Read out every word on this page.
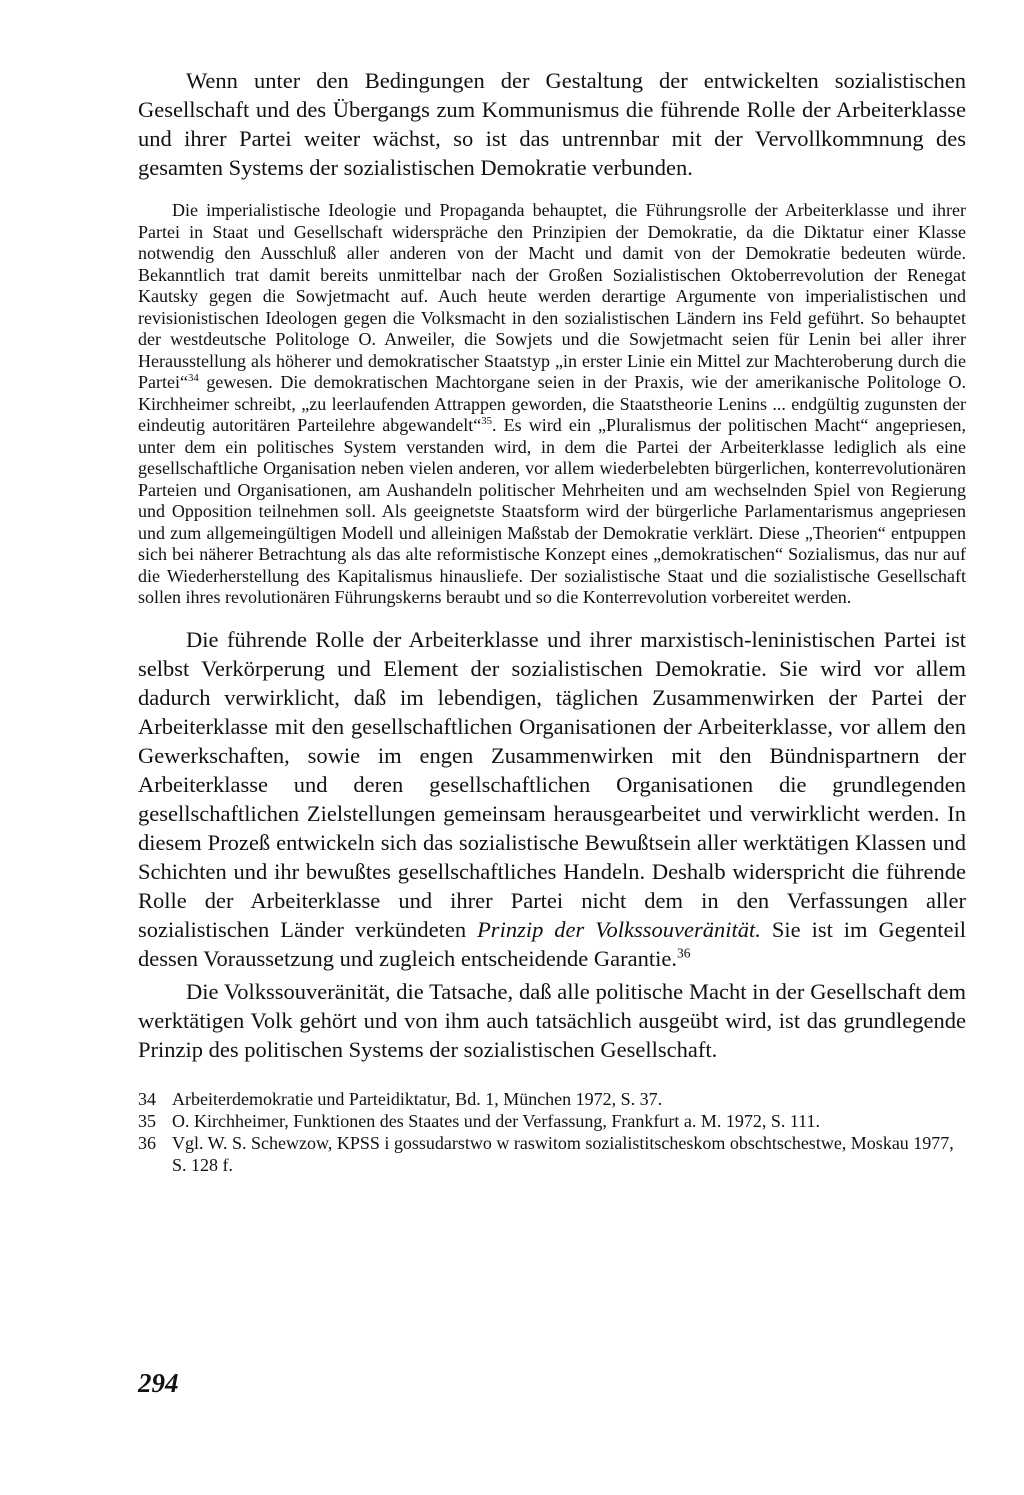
Wenn unter den Bedingungen der Gestaltung der entwickelten sozialistischen Gesellschaft und des Übergangs zum Kommunismus die führende Rolle der Arbeiterklasse und ihrer Partei weiter wächst, so ist das untrennbar mit der Vervollkommnung des gesamten Systems der sozialistischen Demokratie verbunden.

Die imperialistische Ideologie und Propaganda behauptet, die Führungsrolle der Arbeiterklasse und ihrer Partei in Staat und Gesellschaft widerspräche den Prinzipien der Demokratie, da die Diktatur einer Klasse notwendig den Ausschluß aller anderen von der Macht und damit von der Demokratie bedeuten würde. Bekanntlich trat damit bereits unmittelbar nach der Großen Sozialistischen Oktoberrevolution der Renegat Kautsky gegen die Sowjetmacht auf. Auch heute werden derartige Argumente von imperialistischen und revisionistischen Ideologen gegen die Volksmacht in den sozialistischen Ländern ins Feld geführt. So behauptet der westdeutsche Politologe O. Anweiler, die Sowjets und die Sowjetmacht seien für Lenin bei aller ihrer Herausstellung als höherer und demokratischer Staatstyp „in erster Linie ein Mittel zur Machteroberung durch die Partei“$^{34}$ gewesen. Die demokratischen Machtorgane seien in der Praxis, wie der amerikanische Politologe O. Kirchheimer schreibt, „zu leerlaufenden Attrappen geworden, die Staatstheorie Lenins ... endgültig zugunsten der eindeutig autoritären Parteilehre abgewandelt“$^{35}$. Es wird ein „Pluralismus der politischen Macht“ angepriesen, unter dem ein politisches System verstanden wird, in dem die Partei der Arbeiterklasse lediglich als eine gesellschaftliche Organisation neben vielen anderen, vor allem wiederbelebten bürgerlichen, konterrevolutionären Parteien und Organisationen, am Aushandeln politischer Mehrheiten und am wechselnden Spiel von Regierung und Opposition teilnehmen soll. Als geeignetste Staatsform wird der bürgerliche Parlamentarismus angepriesen und zum allgemeingültigen Modell und alleinigen Maßstab der Demokratie verklärt. Diese „Theorien“ entpuppen sich bei näherer Betrachtung als das alte reformistische Konzept eines „demokratischen“ Sozialismus, das nur auf die Wiederherstellung des Kapitalismus hinausliefe. Der sozialistische Staat und die sozialistische Gesellschaft sollen ihres revolutionären Führungskerns beraubt und so die Konterrevolution vorbereitet werden.

Die führende Rolle der Arbeiterklasse und ihrer marxistisch-leninistischen Partei ist selbst Verkörperung und Element der sozialistischen Demokratie. Sie wird vor allem dadurch verwirklicht, daß im lebendigen, täglichen Zusammenwirken der Partei der Arbeiterklasse mit den gesellschaftlichen Organisationen der Arbeiterklasse, vor allem den Gewerkschaften, sowie im engen Zusammenwirken mit den Bündnispartnern der Arbeiterklasse und deren gesellschaftlichen Organisationen die grundlegenden gesellschaftlichen Zielstellungen gemeinsam herausgearbeitet und verwirklicht werden. In diesem Prozeß entwickeln sich das sozialistische Bewußtsein aller werktätigen Klassen und Schichten und ihr bewußtes gesellschaftliches Handeln. Deshalb widerspricht die führende Rolle der Arbeiterklasse und ihrer Partei nicht dem in den Verfassungen aller sozialistischen Länder verkündeten Prinzip der Volkssouveränität. Sie ist im Gegenteil dessen Voraussetzung und zugleich entscheidende Garantie.$^{36}$

Die Volkssouveränität, die Tatsache, daß alle politische Macht in der Gesellschaft dem werktätigen Volk gehört und von ihm auch tatsächlich ausgeübt wird, ist das grundlegende Prinzip des politischen Systems der sozialistischen Gesellschaft.

34 Arbeiterdemokratie und Parteidiktatur, Bd. 1, München 1972, S. 37.
35 O. Kirchheimer, Funktionen des Staates und der Verfassung, Frankfurt a. M. 1972, S. 111.
36 Vgl. W. S. Schewzow, KPSS i gossudarstwo w raswitom sozialistitscheskom obschtschestwe, Moskau 1977, S. 128 f.
294
